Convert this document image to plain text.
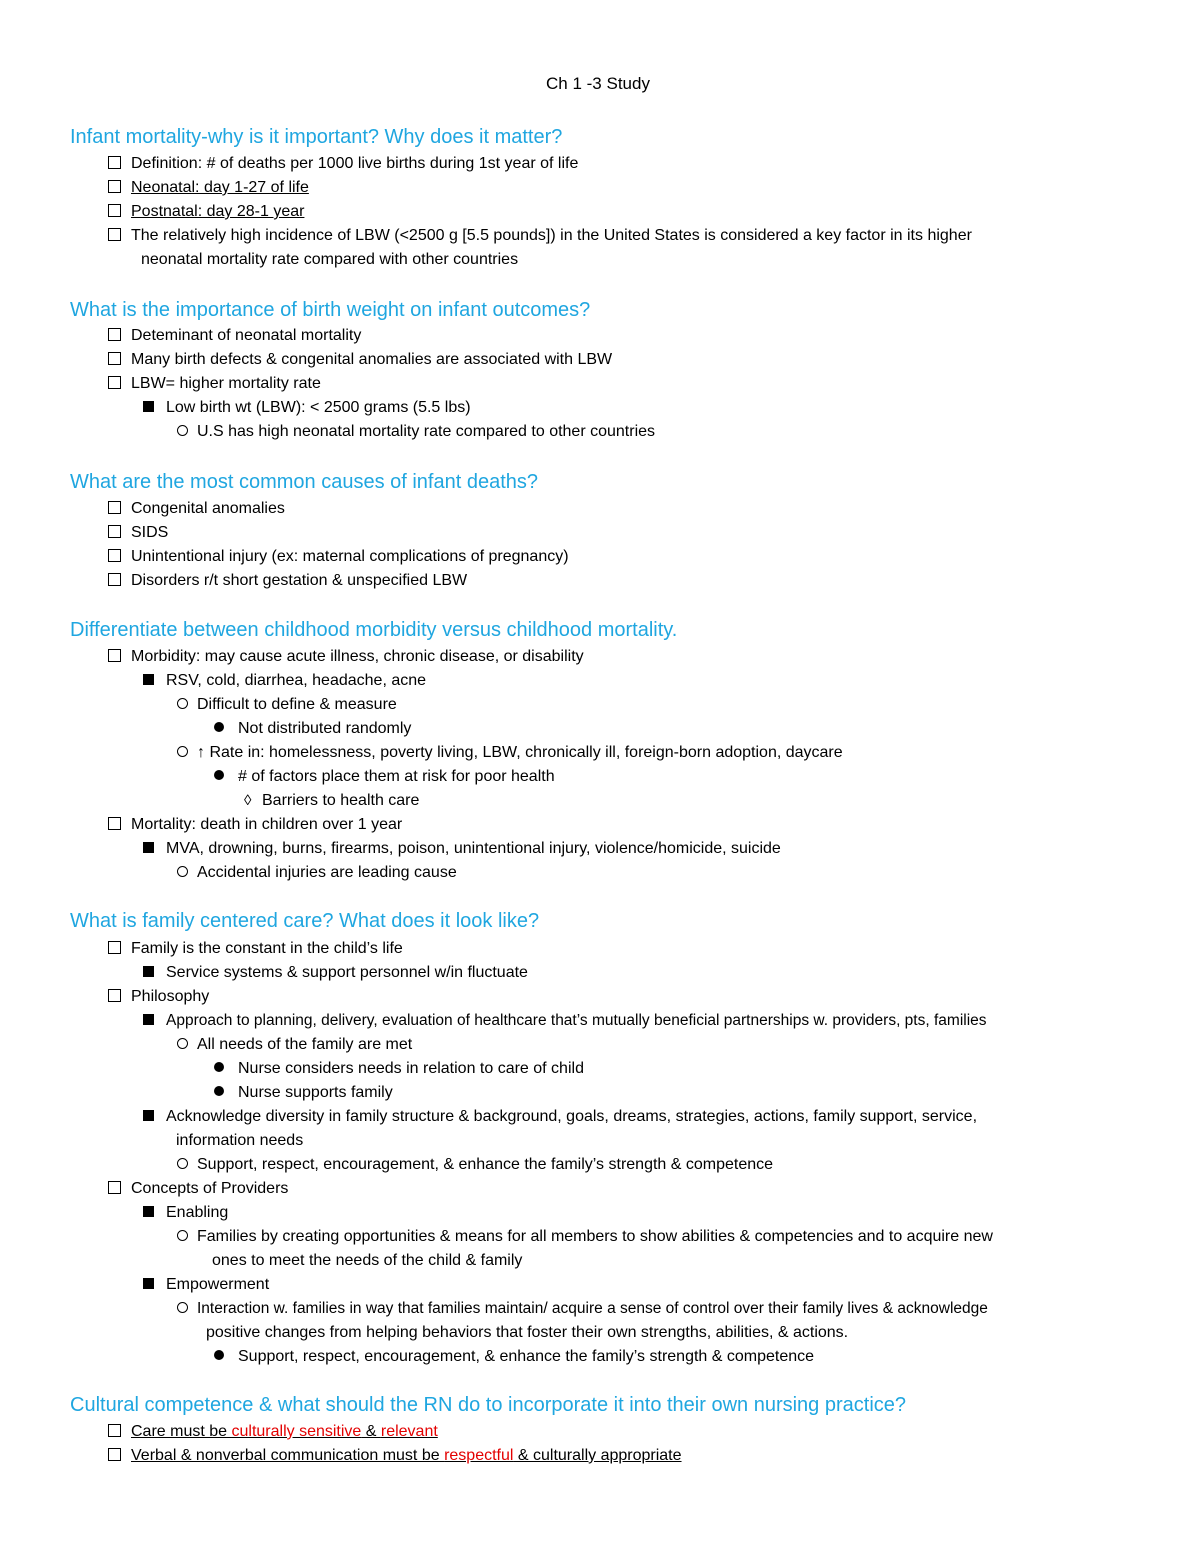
Ch 1 -3 Study
Infant mortality-why is it important? Why does it matter?
Definition: # of deaths per 1000 live births during 1st year of life
Neonatal: day 1-27 of life
Postnatal: day 28-1 year
The relatively high incidence of LBW (<2500 g [5.5 pounds]) in the United States is considered a key factor in its higher
neonatal mortality rate compared with other countries
What is the importance of birth weight on infant outcomes?
Deteminant of neonatal mortality
Many birth defects & congenital anomalies are associated with LBW
LBW= higher mortality rate
Low birth wt (LBW): < 2500 grams (5.5 lbs)
U.S has high neonatal mortality rate compared to other countries
What are the most common causes of infant deaths?
Congenital anomalies
SIDS
Unintentional injury (ex: maternal complications of pregnancy)
Disorders r/t short gestation & unspecified LBW
Differentiate between childhood morbidity versus childhood mortality.
Morbidity: may cause acute illness, chronic disease, or disability
RSV, cold, diarrhea, headache, acne
Difficult to define & measure
Not distributed randomly
↑ Rate in: homelessness, poverty living, LBW, chronically ill, foreign-born adoption, daycare
# of factors place them at risk for poor health
◊ Barriers to health care
Mortality: death in children over 1 year
MVA, drowning, burns, firearms, poison, unintentional injury, violence/homicide, suicide
Accidental injuries are leading cause
What is family centered care? What does it look like?
Family is the constant in the child’s life
Service systems & support personnel w/in fluctuate
Philosophy
Approach to planning, delivery, evaluation of healthcare that’s mutually beneficial partnerships w. providers, pts, families
All needs of the family are met
Nurse considers needs in relation to care of child
Nurse supports family
Acknowledge diversity in family structure & background, goals, dreams, strategies, actions, family support, service,
information needs
Support, respect, encouragement, & enhance the family’s strength & competence
Concepts of Providers
Enabling
Families by creating opportunities & means for all members to show abilities & competencies and to acquire new
ones to meet the needs of the child & family
Empowerment
Interaction w. families in way that families maintain/ acquire a sense of control over their family lives & acknowledge
positive changes from helping behaviors that foster their own strengths, abilities, & actions.
Support, respect, encouragement, & enhance the family’s strength & competence
Cultural competence & what should the RN do to incorporate it into their own nursing practice?
Care must be culturally sensitive & relevant
Verbal & nonverbal communication must be respectful & culturally appropriate
